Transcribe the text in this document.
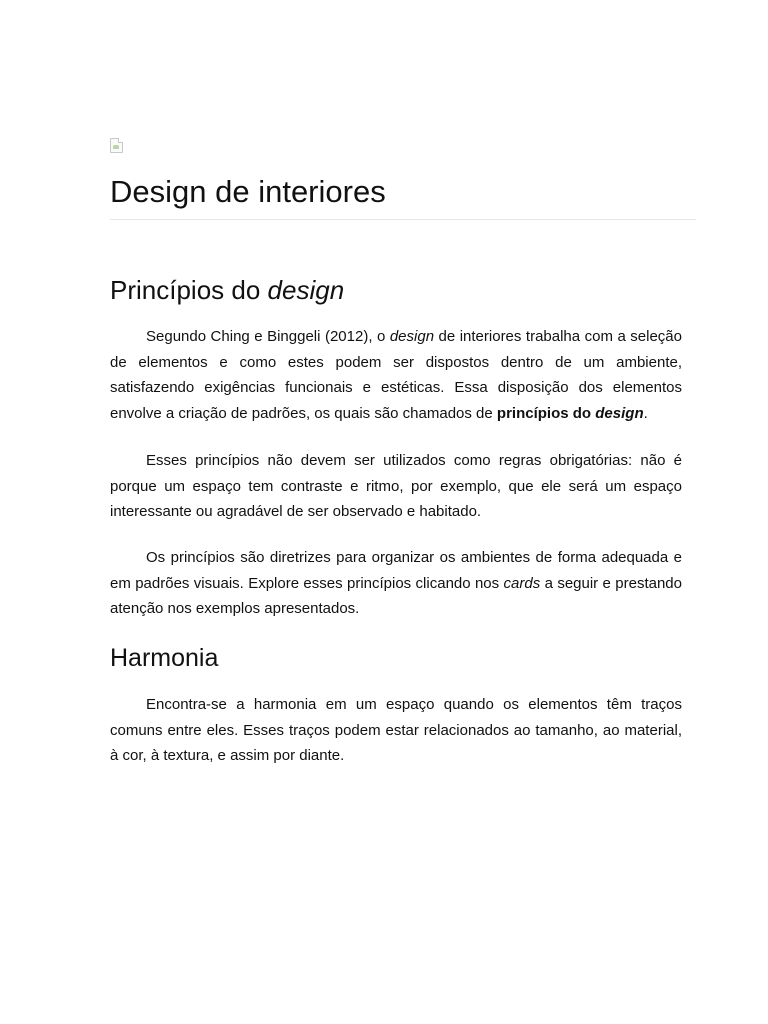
Design de interiores
Princípios do design

Segundo Ching e Binggeli (2012), o design de interiores trabalha com a seleção de elementos e como estes podem ser dispostos dentro de um ambiente, satisfazendo exigências funcionais e estéticas. Essa disposição dos elementos envolve a criação de padrões, os quais são chamados de princípios do design.

Esses princípios não devem ser utilizados como regras obrigatórias: não é porque um espaço tem contraste e ritmo, por exemplo, que ele será um espaço interessante ou agradável de ser observado e habitado.

Os princípios são diretrizes para organizar os ambientes de forma adequada e em padrões visuais. Explore esses princípios clicando nos cards a seguir e prestando atenção nos exemplos apresentados.

Harmonia

Encontra-se a harmonia em um espaço quando os elementos têm traços comuns entre eles. Esses traços podem estar relacionados ao tamanho, ao material, à cor, à textura, e assim por diante.
